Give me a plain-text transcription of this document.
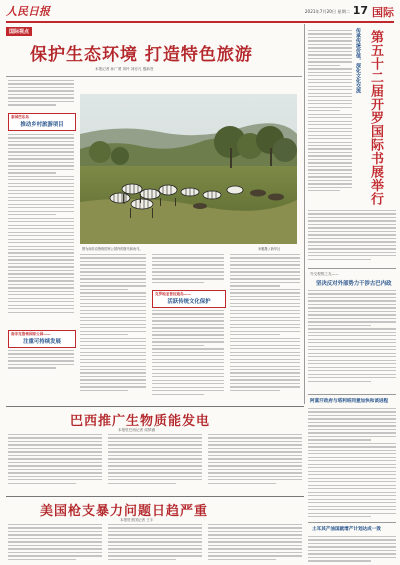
人民日报	2021年7月20日 星期二 17 国际
国际视点
保护生态环境 打造特色旅游
本报记者 孙广勇 刘玲 刘亦凡 殷新苍
泰国芭东岛
推动乡村旅游项目
南非克鲁格国家公园——
注重可持续发展
图为南非克鲁格国家公园内的斑马和角马。	米雅摄 / 新华社
克罗地亚普拉迪岛——
活跃传统文化保护
传承传统价值，深化文化交流 第五十二届开罗国际书展举行
外交观察之友——
坚决反对外部势力干涉古巴内政
阿富汗政府与塔利班同意加快和谈进程
土耳其产油国就增产计划达成一致
巴西推广生物质能发电
本报驻巴西记者 周梦涵
美国枪支暴力问题日趋严重
本报驻美国记者 王宇
